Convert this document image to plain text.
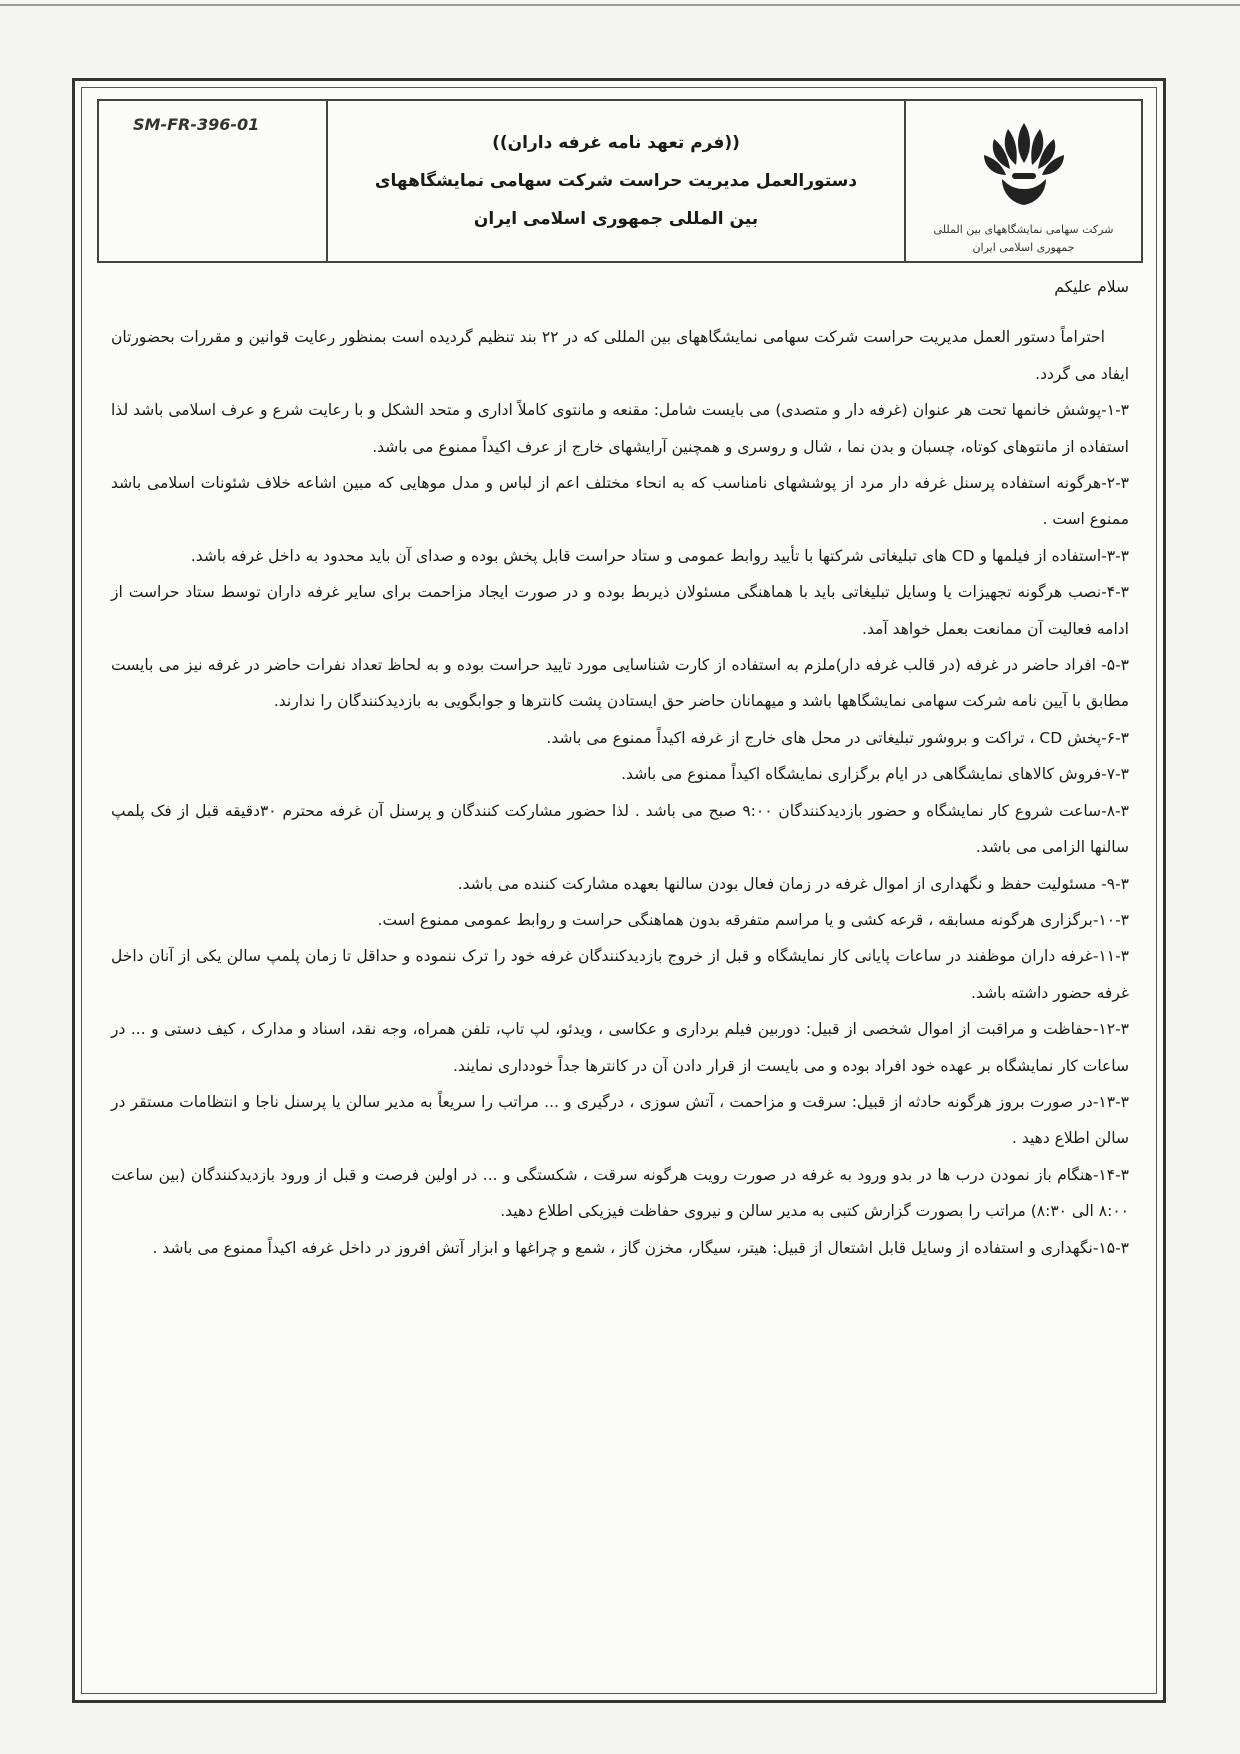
SM-FR-396-01
((فرم تعهد نامه غرفه داران))
دستورالعمل مدیریت حراست شرکت سهامی نمایشگاههای
بین المللی جمهوری اسلامی ایران
شرکت سهامی نمایشگاههای بین المللی
جمهوری اسلامی ایران

سلام علیکم

احتراماً دستور العمل مدیریت حراست شرکت سهامی نمایشگاههای بین المللی که در ۲۲ بند تنظیم گردیده است بمنظور رعایت قوانین و مقررات بحضورتان ایفاد می گردد.

۱-۳-پوشش خانمها تحت هر عنوان (غرفه دار و متصدی) می بایست شامل: مقنعه و مانتوی کاملاً اداری و متحد الشکل و با رعایت شرع و عرف اسلامی باشد لذا استفاده از مانتوهای کوتاه، چسبان و بدن نما ، شال و روسری و همچنین آرایشهای خارج از عرف اکیداً ممنوع می باشد.

۲-۳-هرگونه استفاده پرسنل غرفه دار مرد از پوششهای نامناسب که به انحاء مختلف اعم از لباس و مدل موهایی که مبین اشاعه خلاف شئونات اسلامی باشد ممنوع است .

۳-۳-استفاده از فیلمها و CD های تبلیغاتی شرکتها با تأیید روابط عمومی و ستاد حراست قابل پخش بوده و صدای آن باید محدود به داخل غرفه باشد.

۴-۳-نصب هرگونه تجهیزات یا وسایل تبلیغاتی باید با هماهنگی مسئولان ذیربط بوده و در صورت ایجاد مزاحمت برای سایر غرفه داران توسط ستاد حراست از ادامه فعالیت آن ممانعت بعمل خواهد آمد.

۵-۳- افراد حاضر در غرفه (در قالب غرفه دار)ملزم به استفاده از کارت شناسایی مورد تایید حراست بوده و به لحاظ تعداد نفرات حاضر در غرفه نیز می بایست مطابق با آیین نامه شرکت سهامی نمایشگاهها باشد و میهمانان حاضر حق ایستادن پشت کانترها و جوابگویی به بازدیدکنندگان را ندارند.

۶-۳-پخش CD ، تراکت و بروشور تبلیغاتی در محل های خارج از غرفه اکیداً ممنوع می باشد.

۷-۳-فروش کالاهای نمایشگاهی در ایام برگزاری نمایشگاه اکیداً ممنوع می باشد.

۸-۳-ساعت شروع کار نمایشگاه و حضور بازدیدکنندگان ۹:۰۰ صبح می باشد . لذا حضور مشارکت کنندگان و پرسنل آن غرفه محترم ۳۰دقیقه قبل از فک پلمپ سالنها الزامی می باشد.

۹-۳- مسئولیت حفظ و نگهداری از اموال غرفه در زمان فعال بودن سالنها بعهده مشارکت کننده می باشد.

۱۰-۳-برگزاری هرگونه مسابقه ، قرعه کشی و یا مراسم متفرقه بدون هماهنگی حراست و روابط عمومی ممنوع است.

۱۱-۳-غرفه داران موظفند در ساعات پایانی کار نمایشگاه و قبل از خروج بازدیدکنندگان غرفه خود را ترک ننموده و حداقل تا زمان پلمپ سالن یکی از آنان داخل غرفه حضور داشته باشد.

۱۲-۳-حفاظت و مراقبت از اموال شخصی از قبیل: دوربین فیلم برداری و عکاسی ، ویدئو، لپ تاپ، تلفن همراه، وجه نقد، اسناد و مدارک ، کیف دستی و ... در ساعات کار نمایشگاه بر عهده خود افراد بوده و می بایست از قرار دادن آن در کانترها جداً خودداری نمایند.

۱۳-۳-در صورت بروز هرگونه حادثه از قبیل: سرقت و مزاحمت ، آتش سوزی ، درگیری و ... مراتب را سریعاً به مدیر سالن یا پرسنل ناجا و انتظامات مستقر در سالن اطلاع دهید .

۱۴-۳-هنگام باز نمودن درب ها در بدو ورود به غرفه در صورت رویت هرگونه سرقت ، شکستگی و ... در اولین فرصت و قبل از ورود بازدیدکنندگان (بین ساعت ۸:۰۰ الی ۸:۳۰) مراتب را بصورت گزارش کتبی به مدیر سالن و نیروی حفاظت فیزیکی اطلاع دهید.

۱۵-۳-نگهداری و استفاده از وسایل قابل اشتعال از قبیل: هیتر، سیگار، مخزن گاز ، شمع و چراغها و ابزار آتش افروز در داخل غرفه اکیداً ممنوع می باشد .
